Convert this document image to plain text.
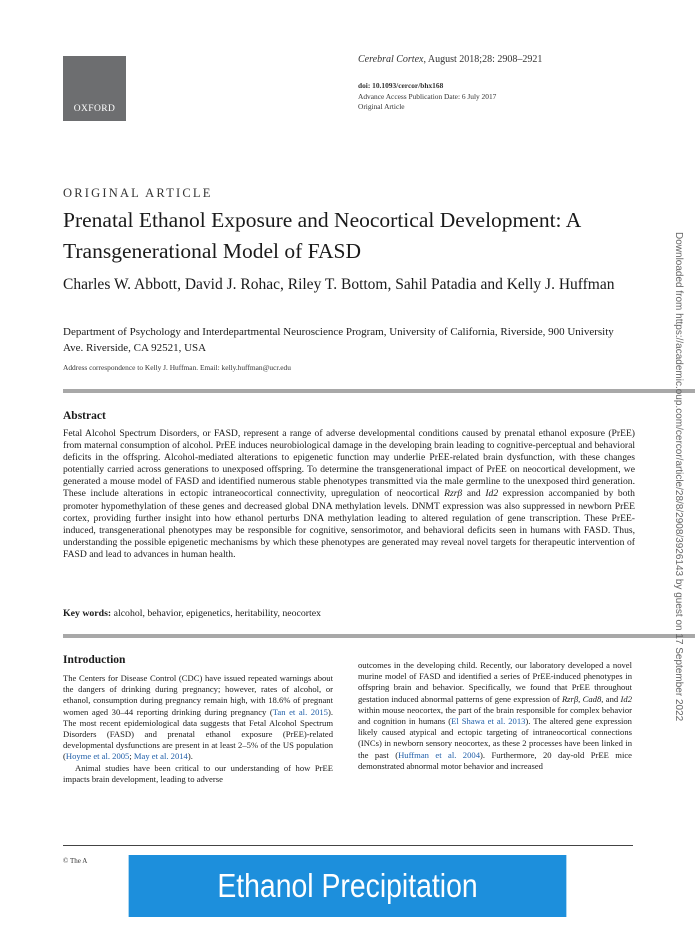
OXFORD
Cerebral Cortex, August 2018;28: 2908–2921
doi: 10.1093/cercor/bhx168
Advance Access Publication Date: 6 July 2017
Original Article
ORIGINAL ARTICLE
Prenatal Ethanol Exposure and Neocortical Development: A Transgenerational Model of FASD
Charles W. Abbott, David J. Rohac, Riley T. Bottom, Sahil Patadia and Kelly J. Huffman
Department of Psychology and Interdepartmental Neuroscience Program, University of California, Riverside, 900 University Ave. Riverside, CA 92521, USA
Address correspondence to Kelly J. Huffman. Email: kelly.huffman@ucr.edu
Abstract
Fetal Alcohol Spectrum Disorders, or FASD, represent a range of adverse developmental conditions caused by prenatal ethanol exposure (PrEE) from maternal consumption of alcohol. PrEE induces neurobiological damage in the developing brain leading to cognitive-perceptual and behavioral deficits in the offspring. Alcohol-mediated alterations to epigenetic function may underlie PrEE-related brain dysfunction, with these changes potentially carried across generations to unexposed offspring. To determine the transgenerational impact of PrEE on neocortical development, we generated a mouse model of FASD and identified numerous stable phenotypes transmitted via the male germline to the unexposed third generation. These include alterations in ectopic intraneocortical connectivity, upregulation of neocortical Rzrβ and Id2 expression accompanied by both promoter hypomethylation of these genes and decreased global DNA methylation levels. DNMT expression was also suppressed in newborn PrEE cortex, providing further insight into how ethanol perturbs DNA methylation leading to altered regulation of gene transcription. These PrEE-induced, transgenerational phenotypes may be responsible for cognitive, sensorimotor, and behavioral deficits seen in humans with FASD. Thus, understanding the possible epigenetic mechanisms by which these phenotypes are generated may reveal novel targets for therapeutic intervention of FASD and lead to advances in human health.
Key words: alcohol, behavior, epigenetics, heritability, neocortex
Introduction

The Centers for Disease Control (CDC) have issued repeated warnings about the dangers of drinking during pregnancy; however, rates of alcohol, or ethanol, consumption during pregnancy remain high, with 18.6% of pregnant women aged 30–44 reporting drinking during pregnancy (Tan et al. 2015). The most recent epidemiological data suggests that Fetal Alcohol Spectrum Disorders (FASD) and prenatal ethanol exposure (PrEE)-related developmental dysfunctions are present in at least 2–5% of the US population (Hoyme et al. 2005; May et al. 2014).

Animal studies have been critical to our understanding of how PrEE impacts brain development, leading to adverse

outcomes in the developing child. Recently, our laboratory developed a novel murine model of FASD and identified a series of PrEE-induced phenotypes in offspring brain and behavior. Specifically, we found that PrEE throughout gestation induced abnormal patterns of gene expression of Rzrβ, Cad8, and Id2 within mouse neocortex, the part of the brain responsible for complex behavior and cognition in humans (El Shawa et al. 2013). The altered gene expression likely caused atypical and ectopic targeting of intraneocortical connections (INCs) in newborn sensory neocortex, as these 2 processes have been linked in the past (Huffman et al. 2004). Furthermore, 20 day-old PrEE mice demonstrated abnormal motor behavior and increased

© The A
Downloaded from https://academic.oup.com/cercor/article/28/8/2908/3926143 by guest on 17 September 2022
Ethanol Precipitation
